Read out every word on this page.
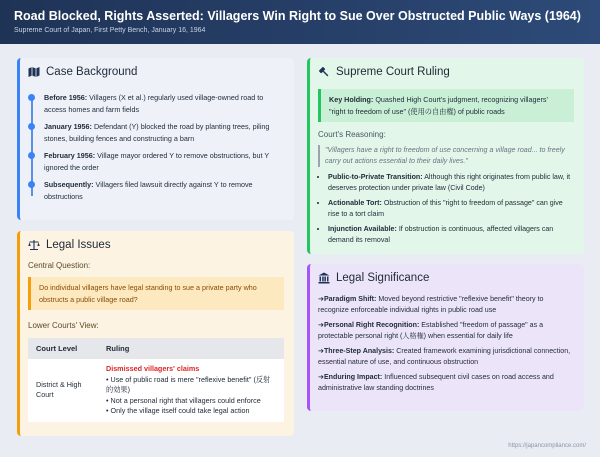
Road Blocked, Rights Asserted: Villagers Win Right to Sue Over Obstructed Public Ways (1964)
Supreme Court of Japan, First Petty Bench, January 16, 1964
Case Background
Before 1956: Villagers (X et al.) regularly used village-owned road to access homes and farm fields
January 1956: Defendant (Y) blocked the road by planting trees, piling stones, building fences and constructing a barn
February 1956: Village mayor ordered Y to remove obstructions, but Y ignored the order
Subsequently: Villagers filed lawsuit directly against Y to remove obstructions
Legal Issues
Central Question:
Do individual villagers have legal standing to sue a private party who obstructs a public village road?
Lower Courts' View:
Court Level	Ruling
District & High Court	Dismissed villagers' claims
• Use of public road is mere "reflexive benefit" (反射的効果)
• Not a personal right that villagers could enforce
• Only the village itself could take legal action
Supreme Court Ruling
Key Holding: Quashed High Court's judgment, recognizing villagers' "right to freedom of use" (使用の自由権) of public roads
Court's Reasoning:
"Villagers have a right to freedom of use concerning a village road... to freely carry out actions essential to their daily lives."
• Public-to-Private Transition: Although this right originates from public law, it deserves protection under private law (Civil Code)
• Actionable Tort: Obstruction of this "right to freedom of passage" can give rise to a tort claim
• Injunction Available: If obstruction is continuous, affected villagers can demand its removal
Legal Significance
➔Paradigm Shift: Moved beyond restrictive "reflexive benefit" theory to recognize enforceable individual rights in public road use
➔Personal Right Recognition: Established "freedom of passage" as a protectable personal right (人格権) when essential for daily life
➔Three-Step Analysis: Created framework examining jurisdictional connection, essential nature of use, and continuous obstruction
➔Enduring Impact: Influenced subsequent civil cases on road access and administrative law standing doctrines
https://japancompliance.com/
